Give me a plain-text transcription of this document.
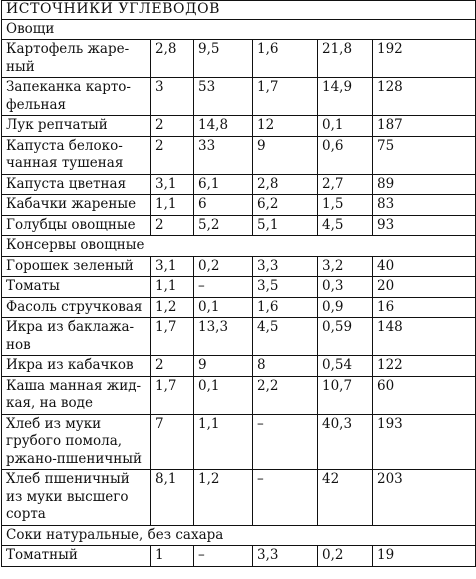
ИСТОЧНИКИ УГЛЕВОДОВ					
Овощи					
Картофель жаре-
ный	2,8	9,5	1,6	21,8	192
Запеканка карто-
фельная	3	53	1,7	14,9	128
Лук репчатый	2	14,8	12	0,1	187
Капуста белоко-
чанная тушеная	2	33	9	0,6	75
Капуста цветная	3,1	6,1	2,8	2,7	89
Кабачки жареные	1,1	6	6,2	1,5	83
Голубцы овощные	2	5,2	5,1	4,5	93
Консервы овощные					
Горошек зеленый	3,1	0,2	3,3	3,2	40
Томаты	1,1	–	3,5	0,3	20
Фасоль стручковая	1,2	0,1	1,6	0,9	16
Икра из баклажа-
нов	1,7	13,3	4,5	0,59	148
Икра из кабачков	2	9	8	0,54	122
Каша манная жид-
кая, на воде	1,7	0,1	2,2	10,7	60
Хлеб из муки
грубого помола,
ржано-пшеничный	7	1,1	–	40,3	193
Хлеб пшеничный
из муки высшего
сорта	8,1	1,2	–	42	203
Соки натуральные, без сахара					
Томатный	1	–	3,3	0,2	19
